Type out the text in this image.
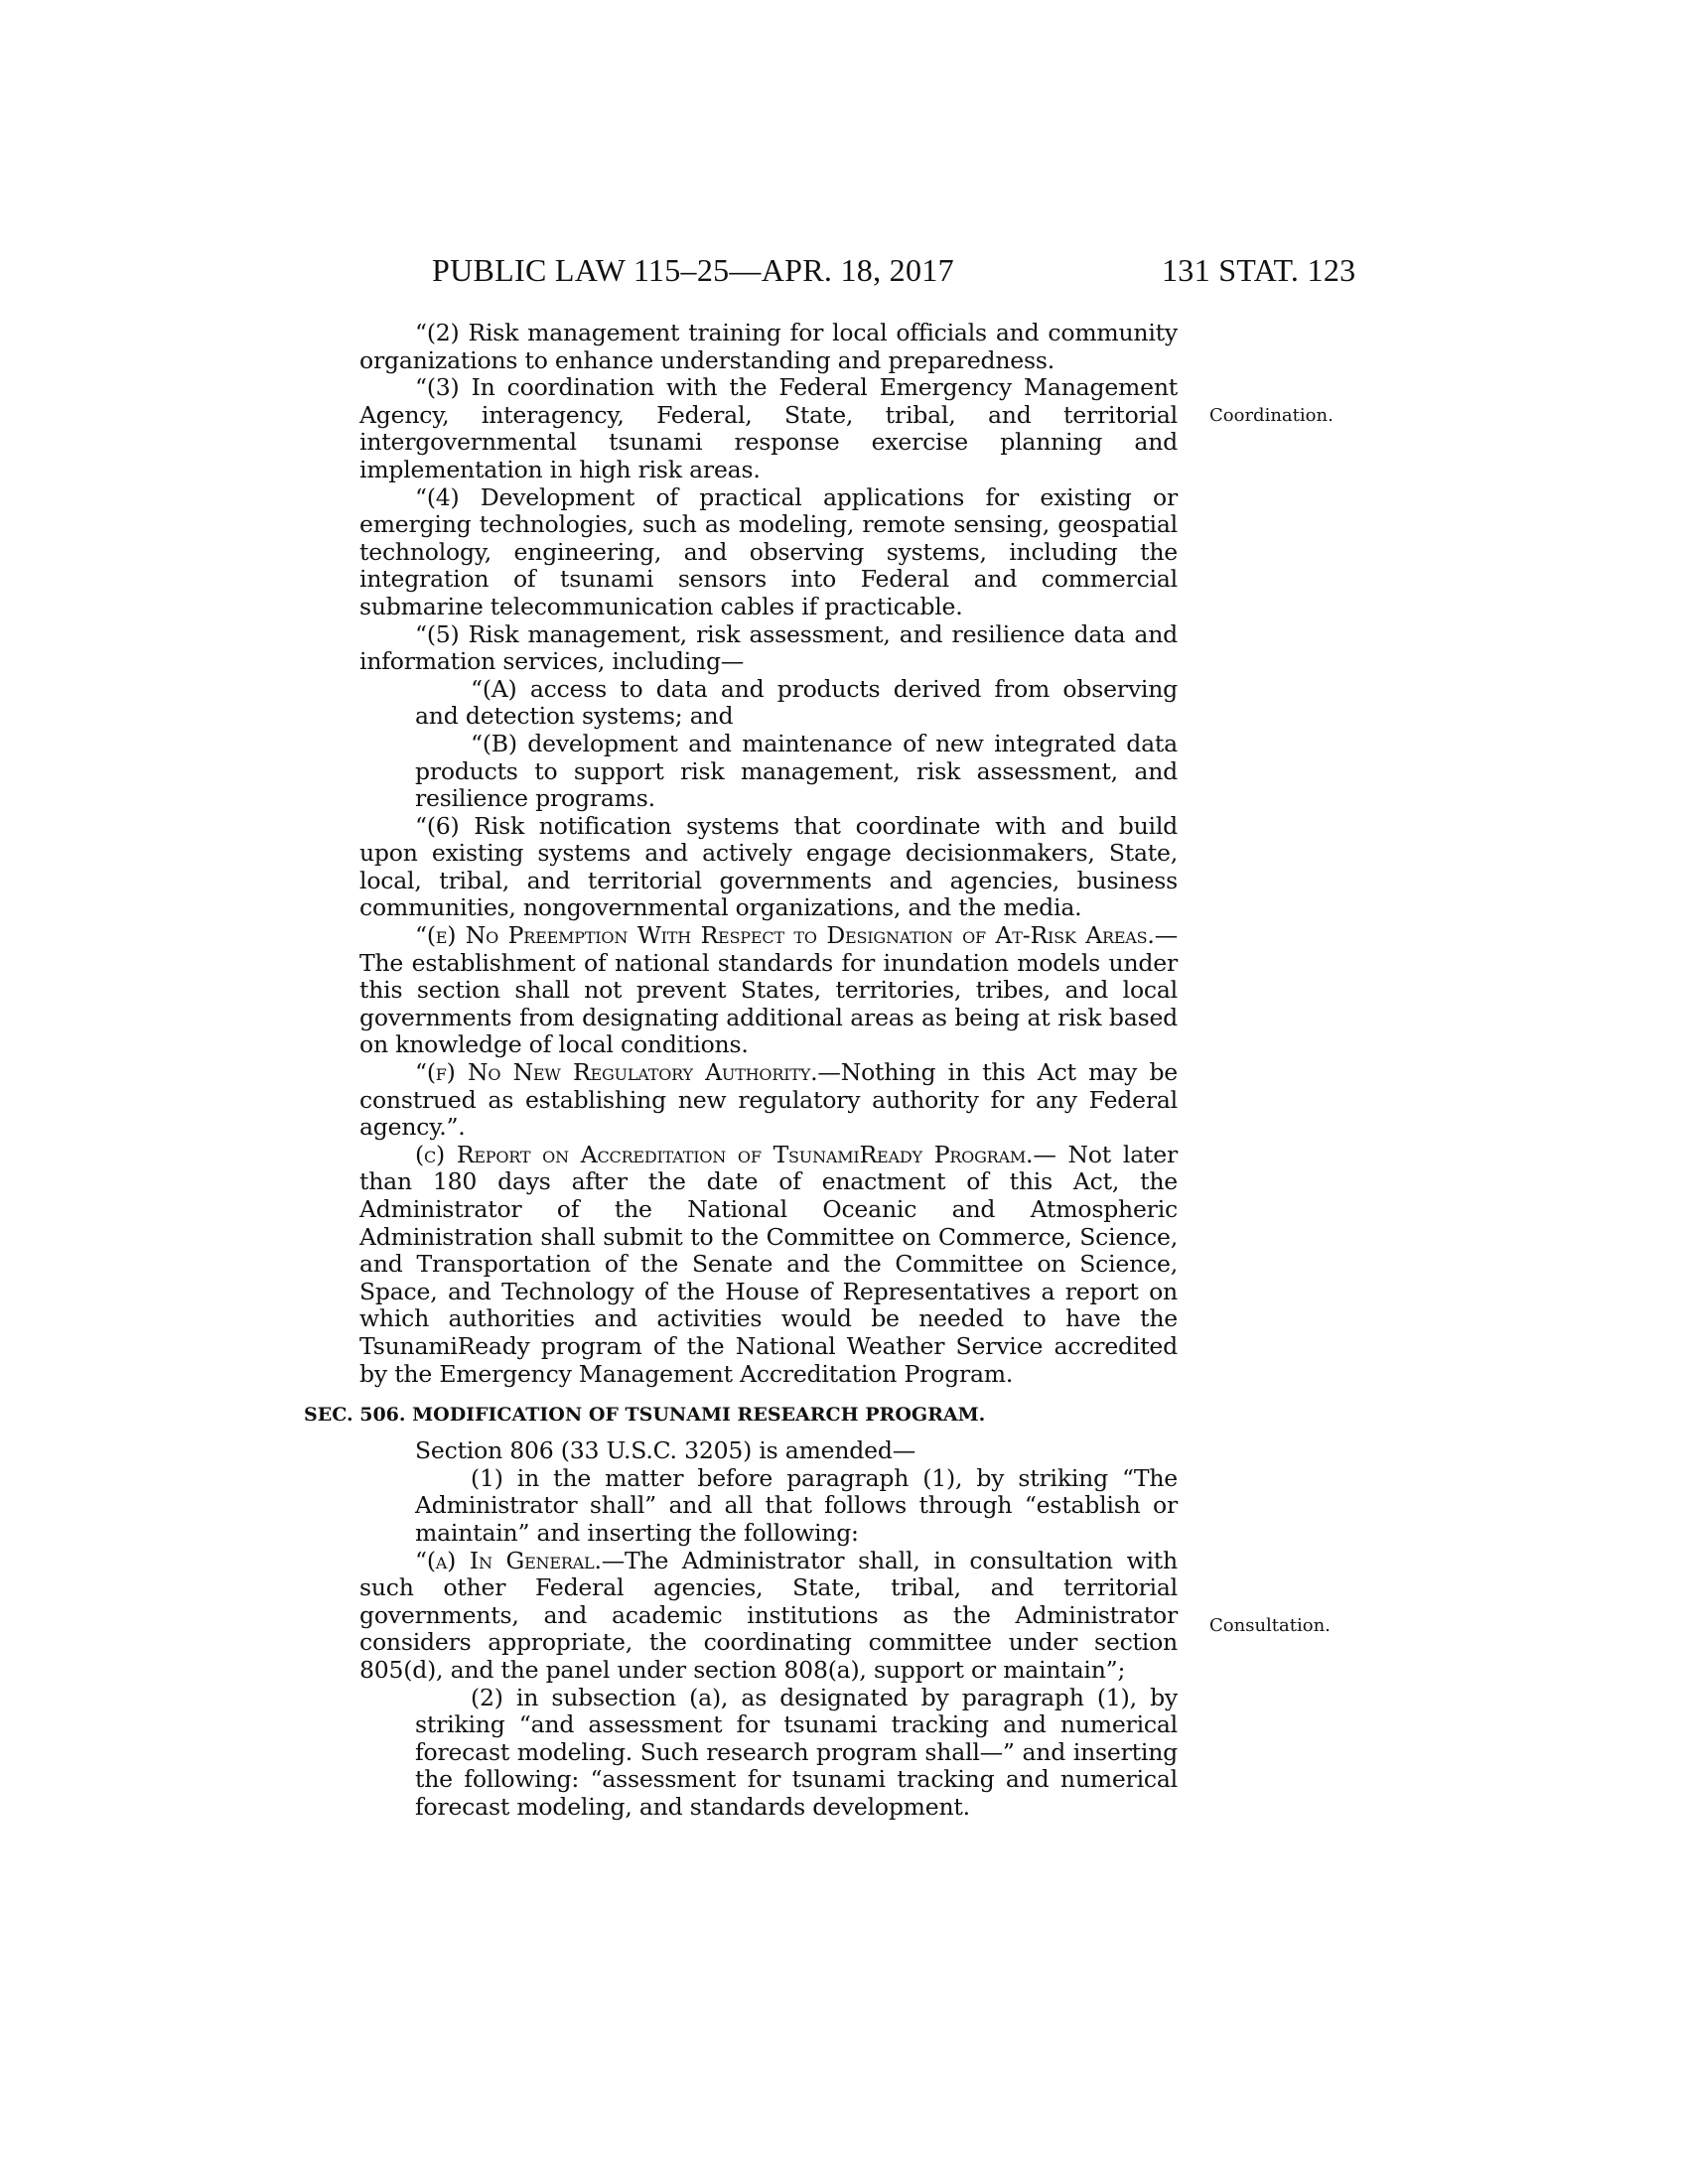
PUBLIC LAW 115–25—APR. 18, 2017	131 STAT. 123
Coordination.
Consultation.

“(2) Risk management training for local officials and community organizations to enhance understanding and preparedness.

“(3) In coordination with the Federal Emergency Management Agency, interagency, Federal, State, tribal, and territorial intergovernmental tsunami response exercise planning and implementation in high risk areas.

“(4) Development of practical applications for existing or emerging technologies, such as modeling, remote sensing, geospatial technology, engineering, and observing systems, including the integration of tsunami sensors into Federal and commercial submarine telecommunication cables if practicable.

“(5) Risk management, risk assessment, and resilience data and information services, including—

“(A) access to data and products derived from observing and detection systems; and

“(B) development and maintenance of new integrated data products to support risk management, risk assessment, and resilience programs.

“(6) Risk notification systems that coordinate with and build upon existing systems and actively engage decisionmakers, State, local, tribal, and territorial governments and agencies, business communities, nongovernmental organizations, and the media.

“(e) No Preemption With Respect to Designation of At-Risk Areas.—The establishment of national standards for inundation models under this section shall not prevent States, territories, tribes, and local governments from designating additional areas as being at risk based on knowledge of local conditions.

“(f) No New Regulatory Authority.—Nothing in this Act may be construed as establishing new regulatory authority for any Federal agency.”.

(c) Report on Accreditation of TsunamiReady Program.— Not later than 180 days after the date of enactment of this Act, the Administrator of the National Oceanic and Atmospheric Administration shall submit to the Committee on Commerce, Science, and Transportation of the Senate and the Committee on Science, Space, and Technology of the House of Representatives a report on which authorities and activities would be needed to have the TsunamiReady program of the National Weather Service accredited by the Emergency Management Accreditation Program.

SEC. 506. MODIFICATION OF TSUNAMI RESEARCH PROGRAM.

Section 806 (33 U.S.C. 3205) is amended—

(1) in the matter before paragraph (1), by striking “The Administrator shall” and all that follows through “establish or maintain” and inserting the following:

“(a) In General.—The Administrator shall, in consultation with such other Federal agencies, State, tribal, and territorial governments, and academic institutions as the Administrator considers appropriate, the coordinating committee under section 805(d), and the panel under section 808(a), support or maintain”;

(2) in subsection (a), as designated by paragraph (1), by striking “and assessment for tsunami tracking and numerical forecast modeling. Such research program shall—” and inserting the following: “assessment for tsunami tracking and numerical forecast modeling, and standards development.
